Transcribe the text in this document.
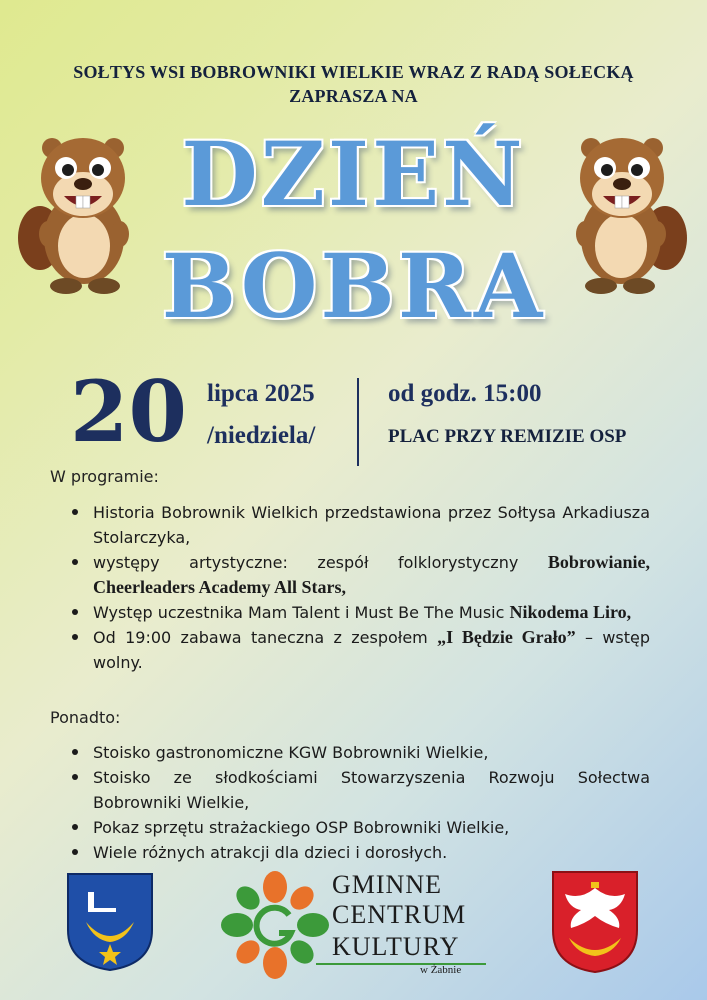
SOŁTYS WSI BOBROWNIKI WIELKIE WRAZ Z RADĄ SOŁECKĄ
ZAPRASZA NA
DZIEŃ
BOBRA
20 lipca 2025
/niedziela/
od godz. 15:00
PLAC PRZY REMIZIE OSP
W programie:
Historia Bobrownik Wielkich przedstawiona przez Sołtysa Arkadiusza Stolarczyka,
występy artystyczne: zespół folklorystyczny Bobrowianie, Cheerleaders Academy All Stars,
Występ uczestnika Mam Talent i Must Be The Music Nikodema Liro,
Od 19:00 zabawa taneczna z zespołem „I Będzie Grało” – wstęp wolny.
Ponadto:
Stoisko gastronomiczne KGW Bobrowniki Wielkie,
Stoisko ze słodkościami Stowarzyszenia Rozwoju Sołectwa Bobrowniki Wielkie,
Pokaz sprzętu strażackiego OSP Bobrowniki Wielkie,
Wiele różnych atrakcji dla dzieci i dorosłych.
GMINNE
CENTRUM
KULTURY
w Żabnie
